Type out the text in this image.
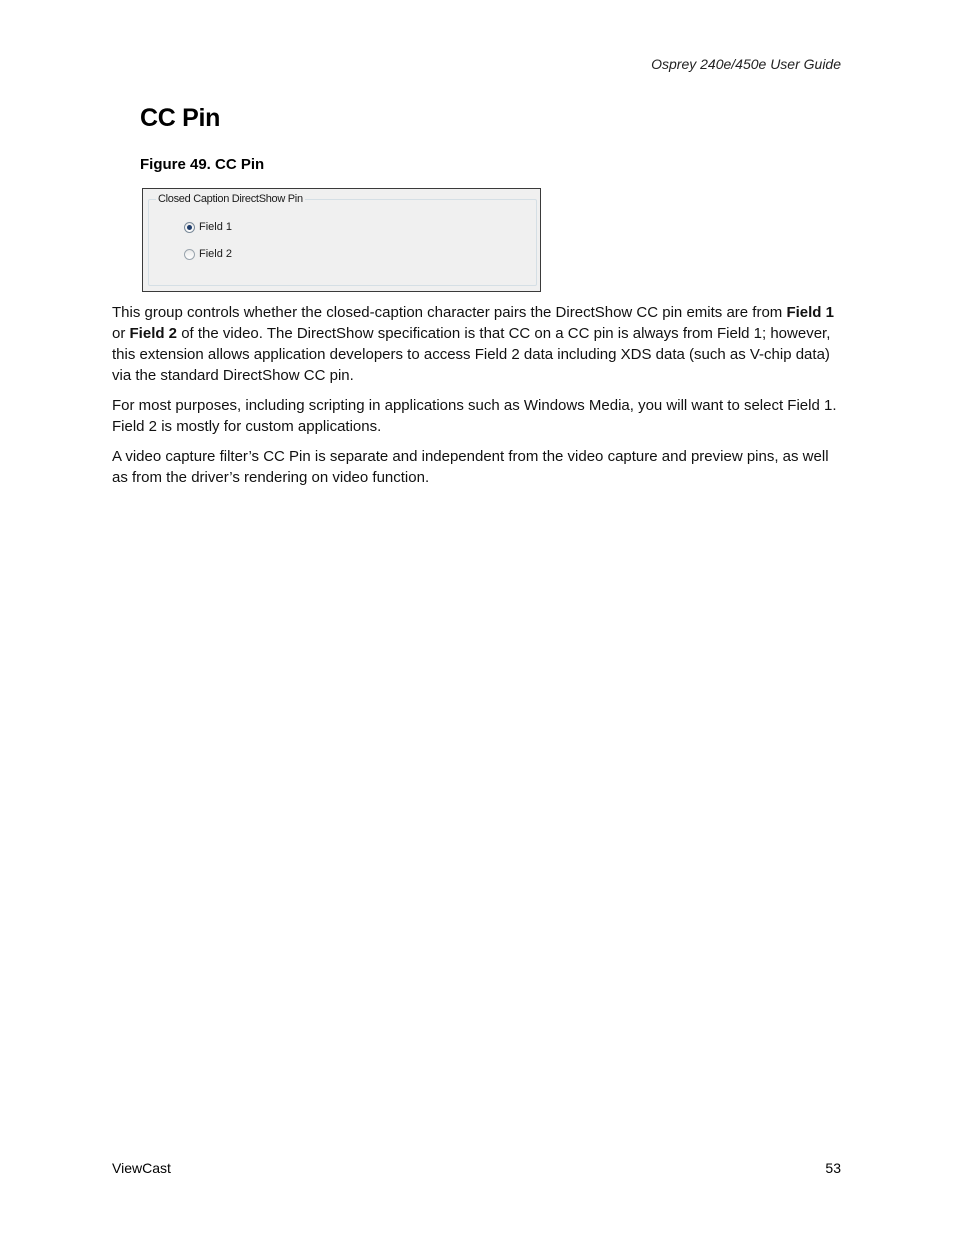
Osprey 240e/450e User Guide
CC Pin
Figure 49. CC Pin
Closed Caption DirectShow Pin
Field 1
Field 2

This group controls whether the closed-caption character pairs the DirectShow CC pin emits are from Field 1 or Field 2 of the video. The DirectShow specification is that CC on a CC pin is always from Field 1; however, this extension allows application developers to access Field 2 data including XDS data (such as V-chip data) via the standard DirectShow CC pin.

For most purposes, including scripting in applications such as Windows Media, you will want to select Field 1. Field 2 is mostly for custom applications.

A video capture filter’s CC Pin is separate and independent from the video capture and preview pins, as well as from the driver’s rendering on video function.

ViewCast	53
